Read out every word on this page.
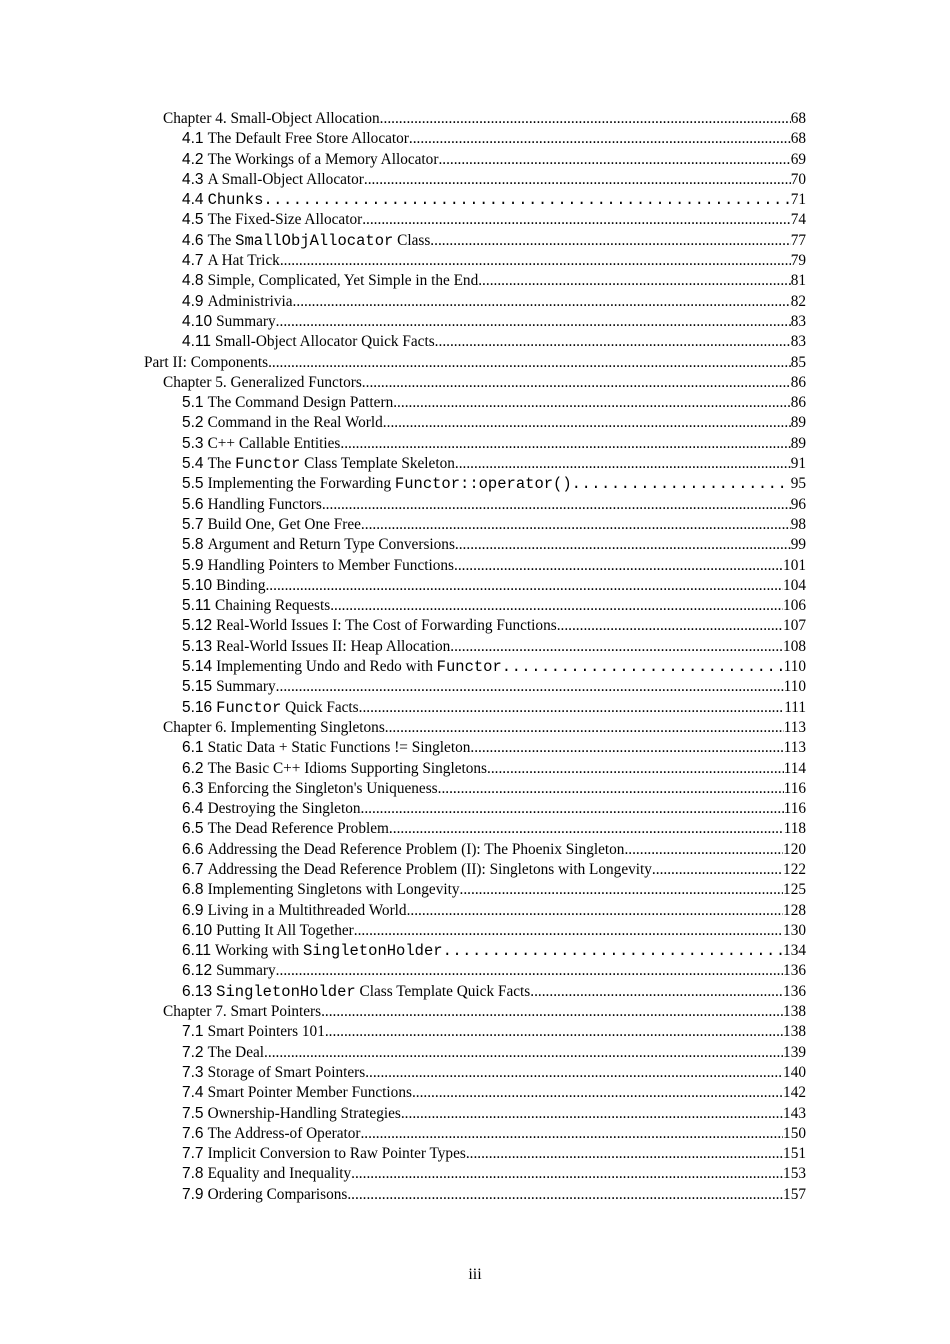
Chapter 4. Small-Object Allocation .....	68
4.1 The Default Free Store Allocator .....	68
4.2 The Workings of a Memory Allocator .....	69
4.3 A Small-Object Allocator .....	70
4.4 Chunks .....	71
4.5 The Fixed-Size Allocator .....	74
4.6 The SmallObjAllocator Class .....	77
4.7 A Hat Trick .....	79
4.8 Simple, Complicated, Yet Simple in the End .....	81
4.9 Administrivia .....	82
4.10 Summary .....	83
4.11 Small-Object Allocator Quick Facts .....	83
Part II: Components .....	85
Chapter 5. Generalized Functors .....	86
5.1 The Command Design Pattern .....	86
5.2 Command in the Real World .....	89
5.3 C++ Callable Entities .....	89
5.4 The Functor Class Template Skeleton .....	91
5.5 Implementing the Forwarding Functor::operator() .....	95
5.6 Handling Functors .....	96
5.7 Build One, Get One Free .....	98
5.8 Argument and Return Type Conversions .....	99
5.9 Handling Pointers to Member Functions .....	101
5.10 Binding .....	104
5.11 Chaining Requests .....	106
5.12 Real-World Issues I: The Cost of Forwarding Functions .....	107
5.13 Real-World Issues II: Heap Allocation .....	108
5.14 Implementing Undo and Redo with Functor .....	110
5.15 Summary .....	110
5.16 Functor Quick Facts .....	111
Chapter 6. Implementing Singletons .....	113
6.1 Static Data + Static Functions != Singleton .....	113
6.2 The Basic C++ Idioms Supporting Singletons .....	114
6.3 Enforcing the Singleton's Uniqueness .....	116
6.4 Destroying the Singleton .....	116
6.5 The Dead Reference Problem .....	118
6.6 Addressing the Dead Reference Problem (I): The Phoenix Singleton .....	120
6.7 Addressing the Dead Reference Problem (II): Singletons with Longevity .....	122
6.8 Implementing Singletons with Longevity .....	125
6.9 Living in a Multithreaded World .....	128
6.10 Putting It All Together .....	130
6.11 Working with SingletonHolder .....	134
6.12 Summary .....	136
6.13 SingletonHolder Class Template Quick Facts .....	136
Chapter 7. Smart Pointers .....	138
7.1 Smart Pointers 101 .....	138
7.2 The Deal .....	139
7.3 Storage of Smart Pointers .....	140
7.4 Smart Pointer Member Functions .....	142
7.5 Ownership-Handling Strategies .....	143
7.6 The Address-of Operator .....	150
7.7 Implicit Conversion to Raw Pointer Types .....	151
7.8 Equality and Inequality .....	153
7.9 Ordering Comparisons .....	157
iii
